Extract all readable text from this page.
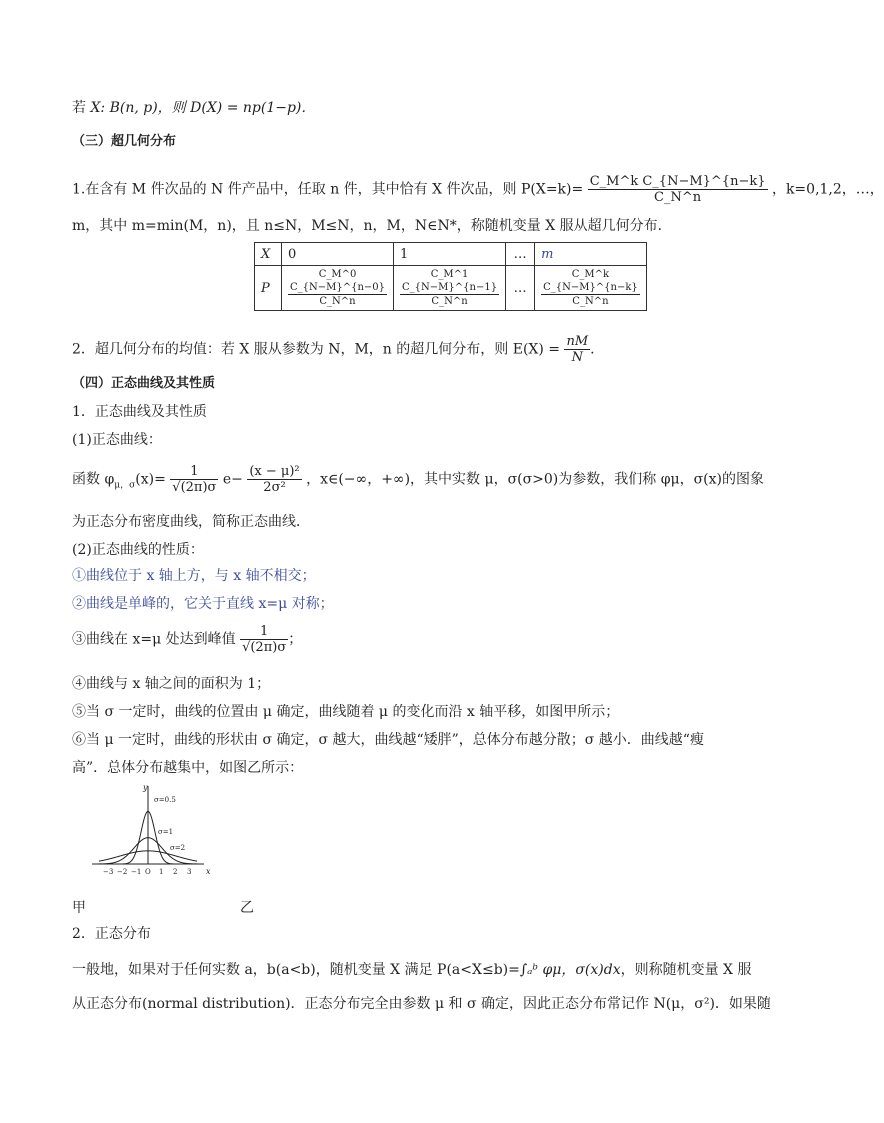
若 X: B(n, p)，则 D(X) = np(1−p)．
（三）超几何分布
1.在含有 M 件次品的 N 件产品中，任取 n 件，其中恰有 X 件次品，则 $P(X=k)= \frac{\text{C\_M\textasciicircum{}k C\_\{N−M\}\textasciicircum{}\{n−k\}}}{C\_N\^{}n}$ ，k=0,1,2，…，
m，其中 m=min(M，n)，且 n≤N，M≤N，n，M，N∈N*，称随机变量 X 服从超几何分布．
X	0	1	…	m
P	$\frac{C\_M\^{}0 C\_\{N-M\}\^{}\{n-0\}}{C\_N\^{}n}$	$\frac{C\_M\^{}1 C\_\{N-M\}\^{}\{n-1\}}{C\_N\^{}n}$	…	$\frac{\text{C\_M\textasciicircum{}k C\_\{N−M\}\textasciicircum{}\{n−k\}}}{C\_N\^{}n}$
2．超几何分布的均值：若 X 服从参数为 N，M，n 的超几何分布，则 $E(X) = \frac{nM}{N}$ .
（四）正态曲线及其性质
1．正态曲线及其性质
(1)正态曲线：
函数 $\varphi_{\mu,\sigma}(x)= \frac{1}{√(2\pi)\sigma} e- \frac{\text{(x − μ)²}}{\text{2σ²}}$ ，x∈(−∞，+∞)，其中实数 μ，σ(σ>0)为参数，我们称 φμ，σ(x)的图象
为正态分布密度曲线，简称正态曲线．
(2)正态曲线的性质：
①曲线位于 x 轴上方，与 x 轴不相交；
②曲线是单峰的，它关于直线 x=μ 对称；
③曲线在 x=μ 处达到峰值 $\frac{1}{√(2\pi)\sigma}$ ；
④曲线与 x 轴之间的面积为 1；
⑤当 σ 一定时，曲线的位置由 μ 确定，曲线随着 μ 的变化而沿 x 轴平移，如图甲所示；
⑥当 μ 一定时，曲线的形状由 σ 确定，σ 越大，曲线越“矮胖”，总体分布越分散；σ 越小．曲线越“瘦
高”．总体分布越集中，如图乙所示：
x
y
−3 −2 −1 O 1 2 3
σ=0.5
σ=1
σ=2
甲	乙
2．正态分布
一般地，如果对于任何实数 a，b(a<b)，随机变量 X 满足 P(a<X≤b)=∫ₐᵇ φμ，σ(x)dx，则称随机变量 X 服
从正态分布(normal distribution)．正态分布完全由参数 μ 和 σ 确定，因此正态分布常记作 N(μ，σ²)．如果随
